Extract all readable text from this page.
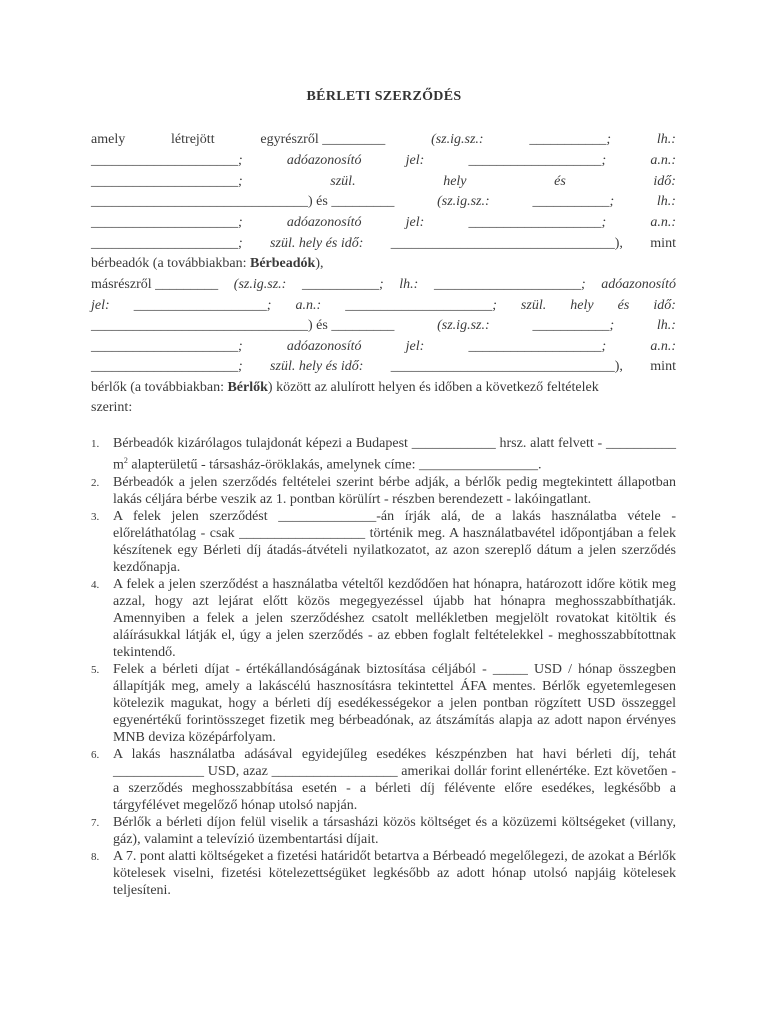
BÉRLETI SZERZŐDÉS
amely	létrejött	egyrészről _________	(sz.ig.sz.:	___________;	lh.:
_____________________;	adóazonosító	jel:	___________________;	a.n.:
_____________________;	szül.	hely	és	idő:
_______________________________) és _________	(sz.ig.sz.:	___________;	lh.:
_____________________;	adóazonosító	jel:	___________________;	a.n.:
_____________________; szül. hely és idő: ________________________________), mint
bérbeadók (a továbbiakban: Bérbeadók),
másrészről _________ (sz.ig.sz.: ___________; lh.: _____________________; adóazonosító
jel: ___________________; a.n.: _____________________; szül. hely és idő:
_______________________________) és _________	(sz.ig.sz.:	___________;	lh.:
_____________________;	adóazonosító	jel:	___________________;	a.n.:
_____________________; szül. hely és idő: ________________________________), mint
bérlők (a továbbiakban: Bérlők) között az alulírott helyen és időben a következő feltételek
szerint:
1. Bérbeadók kizárólagos tulajdonát képezi a Budapest ____________ hrsz. alatt felvett - __________ $m^2$ alapterületű - társasház-öröklakás, amelynek címe: _________________.
2. Bérbeadók a jelen szerződés feltételei szerint bérbe adják, a bérlők pedig megtekintett állapotban lakás céljára bérbe veszik az 1. pontban körülírt - részben berendezett - lakóingatlant.
3. A felek jelen szerződést ______________-án írják alá, de a lakás használatba vétele - előreláthatólag - csak __________________ történik meg. A használatbavétel időpontjában a felek készítenek egy Bérleti díj átadás-átvételi nyilatkozatot, az azon szereplő dátum a jelen szerződés kezdőnapja.
4. A felek a jelen szerződést a használatba vételtől kezdődően hat hónapra, határozott időre kötik meg azzal, hogy azt lejárat előtt közös megegyezéssel újabb hat hónapra meghosszabbíthatják. Amennyiben a felek a jelen szerződéshez csatolt mellékletben megjelölt rovatokat kitöltik és aláírásukkal látják el, úgy a jelen szerződés - az ebben foglalt feltételekkel - meghosszabbítottnak tekintendő.
5. Felek a bérleti díjat - értékállandóságának biztosítása céljából - _____ USD / hónap összegben állapítják meg, amely a lakáscélú hasznosításra tekintettel ÁFA mentes. Bérlők egyetemlegesen kötelezik magukat, hogy a bérleti díj esedékességekor a jelen pontban rögzített USD összeggel egyenértékű forintösszeget fizetik meg bérbeadónak, az átszámítás alapja az adott napon érvényes MNB deviza középárfolyam.
6. A lakás használatba adásával egyidejűleg esedékes készpénzben hat havi bérleti díj, tehát _____________ USD, azaz __________________ amerikai dollár forint ellenértéke. Ezt követően - a szerződés meghosszabbítása esetén - a bérleti díj félévente előre esedékes, legkésőbb a tárgyfélévet megelőző hónap utolsó napján.
7. Bérlők a bérleti díjon felül viselik a társasházi közös költséget és a közüzemi költségeket (villany, gáz), valamint a televízió üzembentartási díjait.
8. A 7. pont alatti költségeket a fizetési határidőt betartva a Bérbeadó megelőlegezi, de azokat a Bérlők kötelesek viselni, fizetési kötelezettségüket legkésőbb az adott hónap utolsó napjáig kötelesek teljesíteni.
